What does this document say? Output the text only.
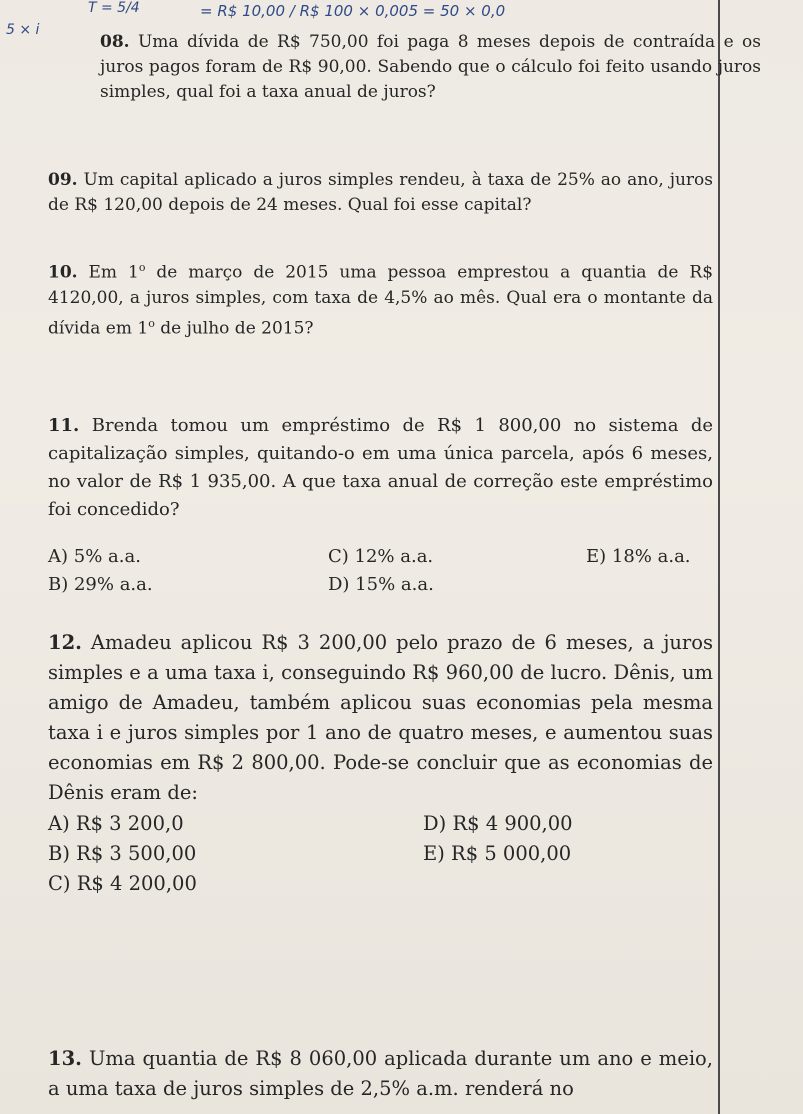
T = 5/4	= R$ 10,00 / R$ 100 × 0,005 = 50 × 0,0
5 × i

08. Uma dívida de R$ 750,00 foi paga 8 meses depois de contraída e os juros pagos foram de R$ 90,00. Sabendo que o cálculo foi feito usando juros simples, qual foi a taxa anual de juros?

09. Um capital aplicado a juros simples rendeu, à taxa de 25% ao ano, juros de R$ 120,00 depois de 24 meses. Qual foi esse capital?

10. Em 1$^o$ de março de 2015 uma pessoa emprestou a quantia de R$ 4120,00, a juros simples, com taxa de 4,5% ao mês. Qual era o montante da dívida em 1$^o$ de julho de 2015?

11. Brenda tomou um empréstimo de R$ 1 800,00 no sistema de capitalização simples, quitando-o em uma única parcela, após 6 meses, no valor de R$ 1 935,00. A que taxa anual de correção este empréstimo foi concedido?

A) 5% a.a.	C) 12% a.a.	E) 18% a.a.
B) 29% a.a.	D) 15% a.a.

12. Amadeu aplicou R$ 3 200,00 pelo prazo de 6 meses, a juros simples e a uma taxa i, conseguindo R$ 960,00 de lucro. Dênis, um amigo de Amadeu, também aplicou suas economias pela mesma taxa i e juros simples por 1 ano de quatro meses, e aumentou suas economias em R$ 2 800,00. Pode-se concluir que as economias de Dênis eram de:

A) R$ 3 200,0	D) R$ 4 900,00
B) R$ 3 500,00	E) R$ 5 000,00
C) R$ 4 200,00

13. Uma quantia de R$ 8 060,00 aplicada durante um ano e meio, a uma taxa de juros simples de 2,5% a.m. renderá no
